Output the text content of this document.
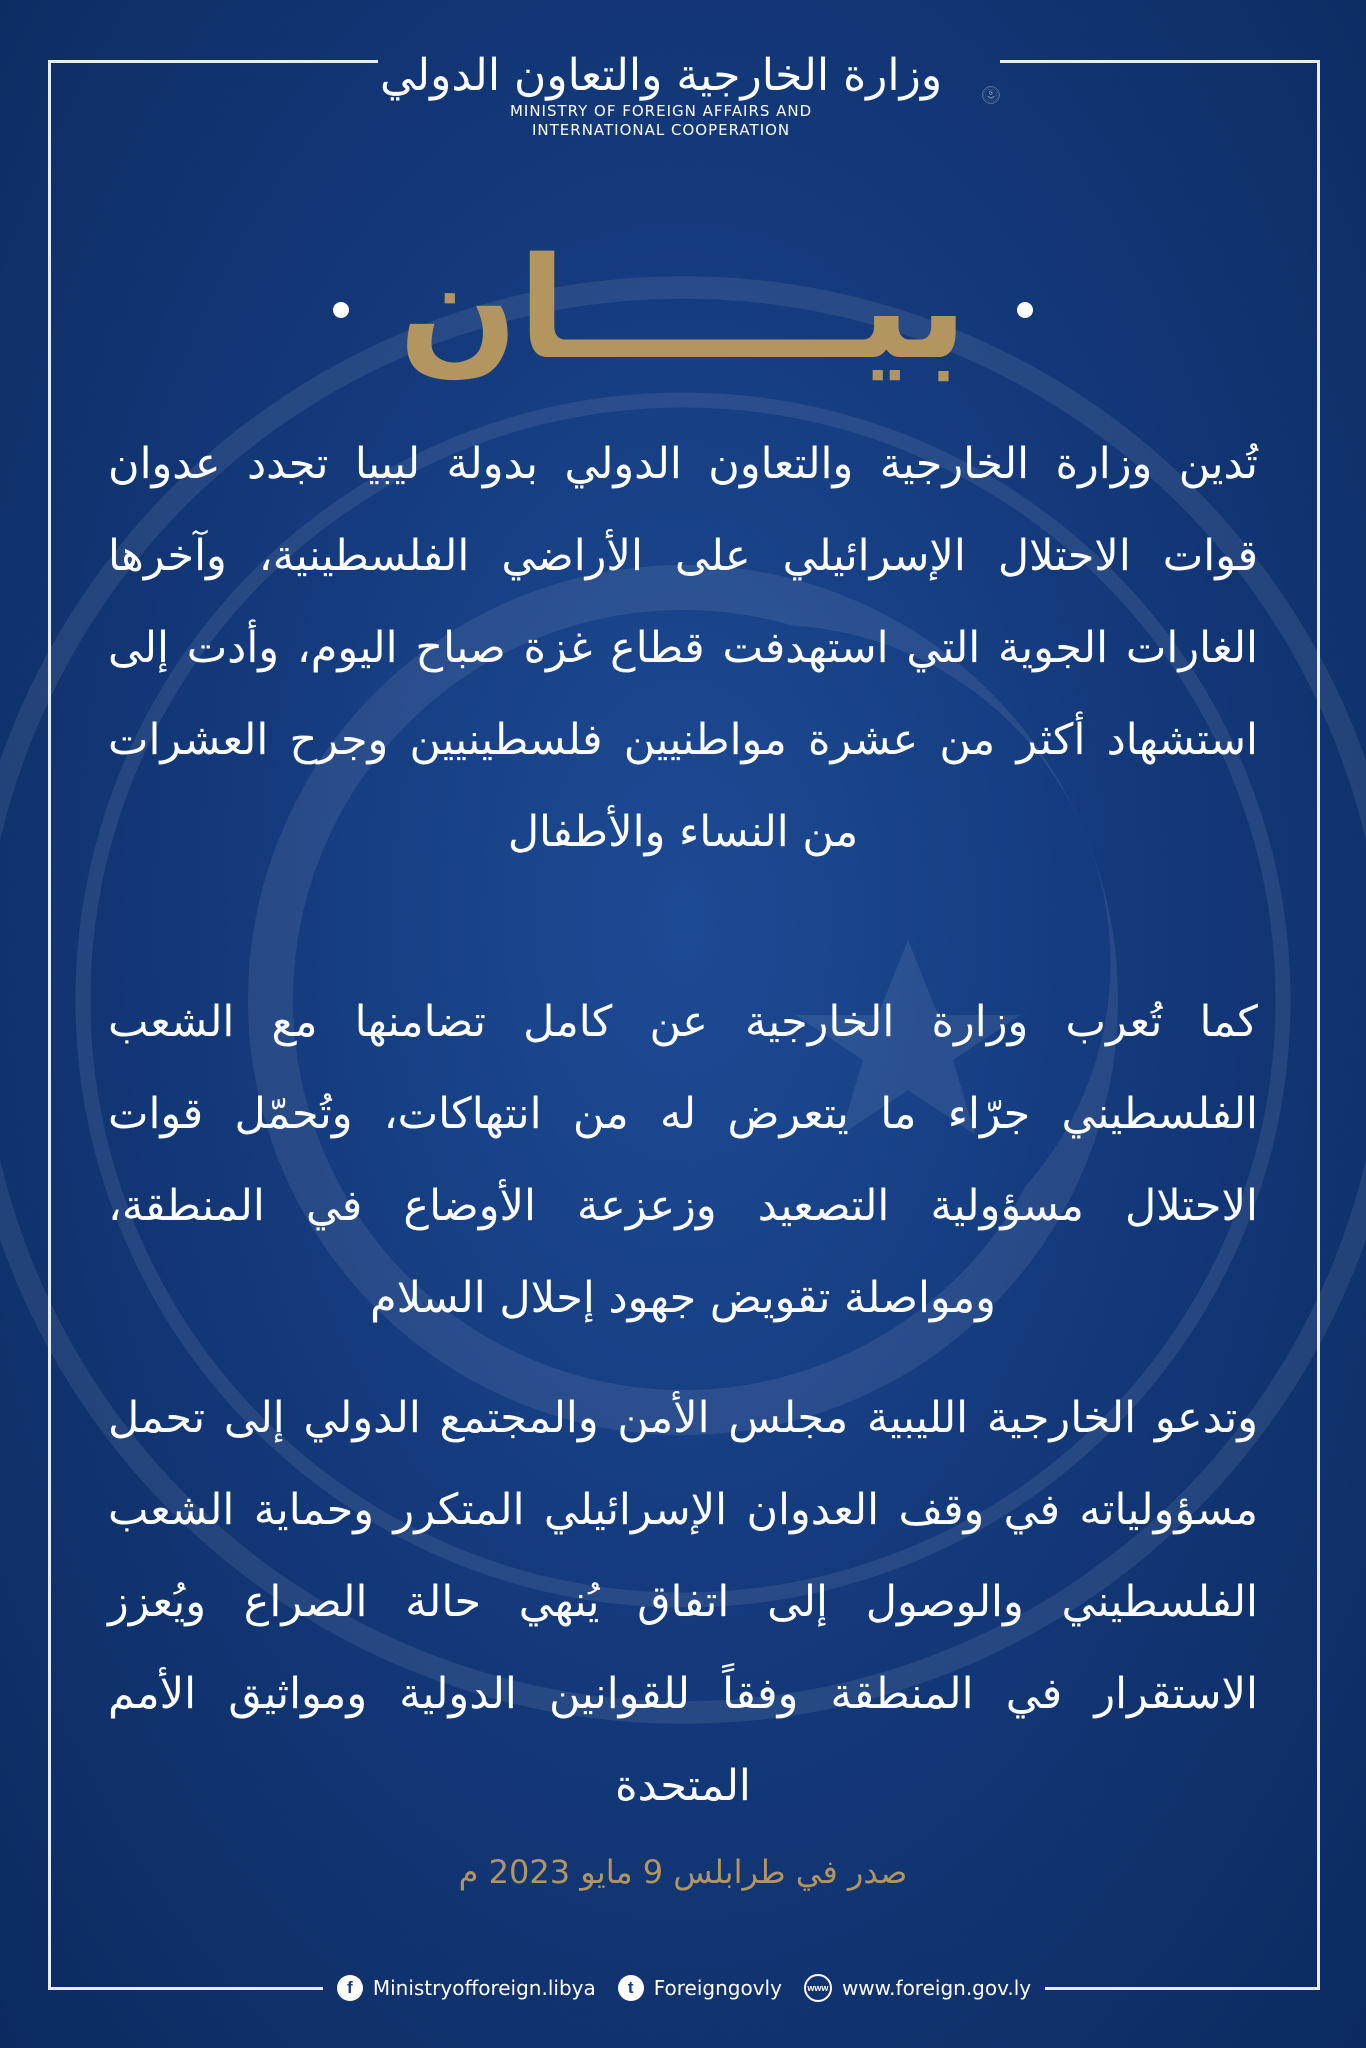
وزارة الخارجية والتعاون الدولي
MINISTRY OF FOREIGN AFFAIRS AND
INTERNATIONAL COOPERATION
بيــــــان
تُدين وزارة الخارجية والتعاون الدولي بدولة ليبيا تجدد عدوان قوات الاحتلال الإسرائيلي على الأراضي الفلسطينية، وآخرها الغارات الجوية التي استهدفت قطاع غزة صباح اليوم، وأدت إلى استشهاد أكثر من عشرة مواطنيين فلسطينيين وجرح العشرات من النساء والأطفال
كما تُعرب وزارة الخارجية عن كامل تضامنها مع الشعب الفلسطيني جرّاء ما يتعرض له من انتهاكات، وتُحمّل قوات الاحتلال مسؤولية التصعيد وزعزعة الأوضاع في المنطقة، ومواصلة تقويض جهود إحلال السلام
وتدعو الخارجية الليبية مجلس الأمن والمجتمع الدولي إلى تحمل مسؤولياته في وقف العدوان الإسرائيلي المتكرر وحماية الشعب الفلسطيني والوصول إلى اتفاق يُنهي حالة الصراع ويُعزز الاستقرار في المنطقة وفقاً للقوانين الدولية ومواثيق الأمم المتحدة
صدر في طرابلس 9 مايو 2023 م
f	Ministryofforeign.libya	t	Foreigngovly	www www.foreign.gov.ly
